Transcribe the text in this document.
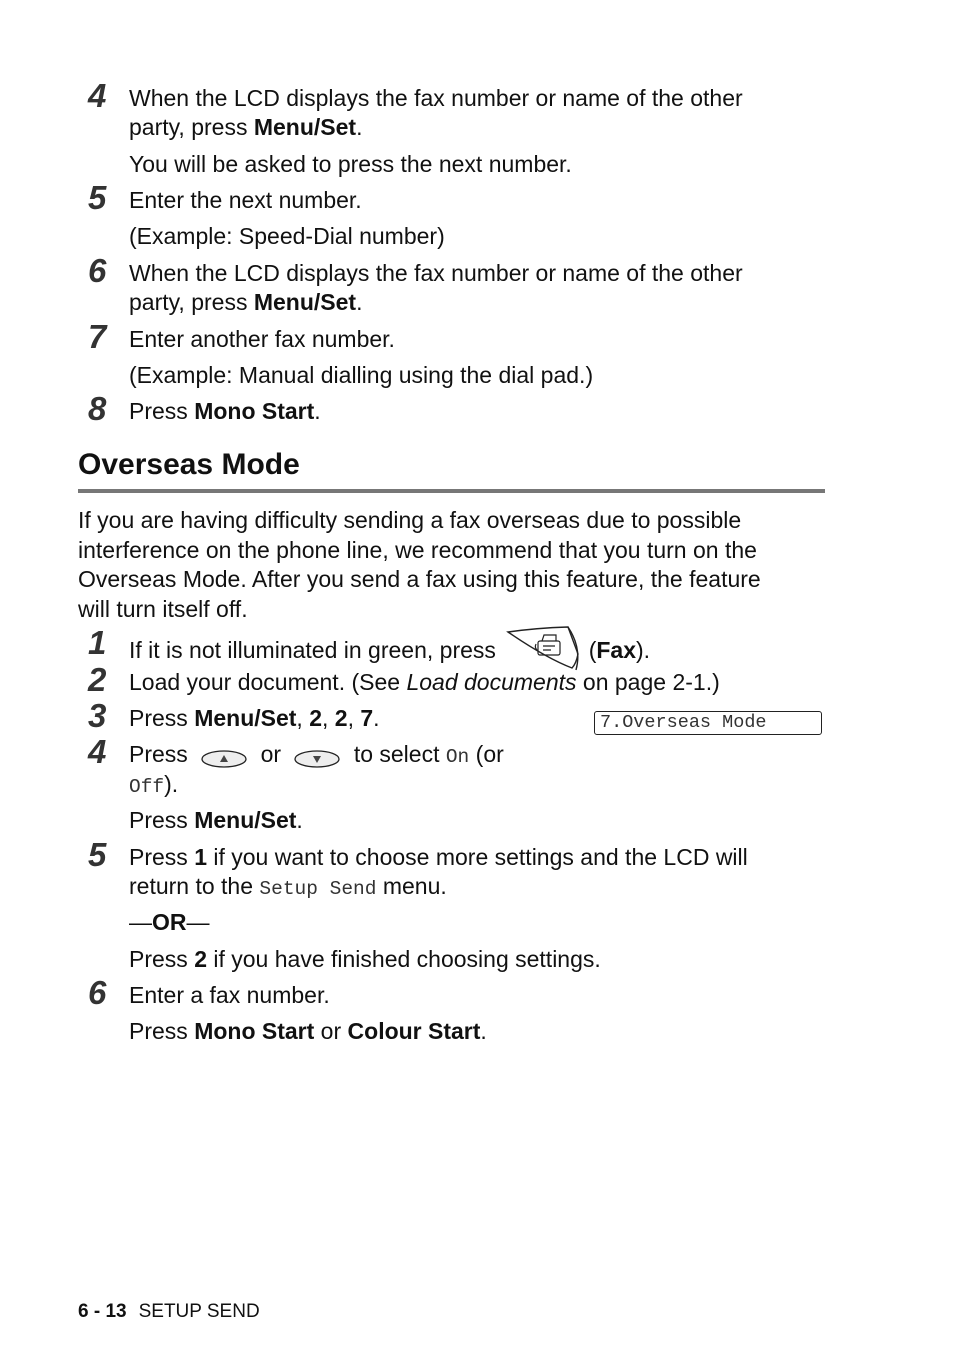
4 When the LCD displays the fax number or name of the other
party, press Menu/Set.
You will be asked to press the next number.
5 Enter the next number.
(Example: Speed-Dial number)
6 When the LCD displays the fax number or name of the other
party, press Menu/Set.
7 Enter another fax number.
(Example: Manual dialling using the dial pad.)
8 Press Mono Start.
Overseas Mode
If you are having difficulty sending a fax overseas due to possible
interference on the phone line, we recommend that you turn on the
Overseas Mode. After you send a fax using this feature, the feature
will turn itself off.
1 If it is not illuminated in green, press	(Fax).
2 Load your document. (See Load documents on page 2-1.)
3 Press Menu/Set, 2, 2, 7.	7.Overseas Mode
4 Press	or	to select On (or
Off).
Press Menu/Set.
5 Press 1 if you want to choose more settings and the LCD will
return to the Setup Send menu.
—OR—
Press 2 if you have finished choosing settings.
6 Enter a fax number.
Press Mono Start or Colour Start.
6 - 13 SETUP SEND
